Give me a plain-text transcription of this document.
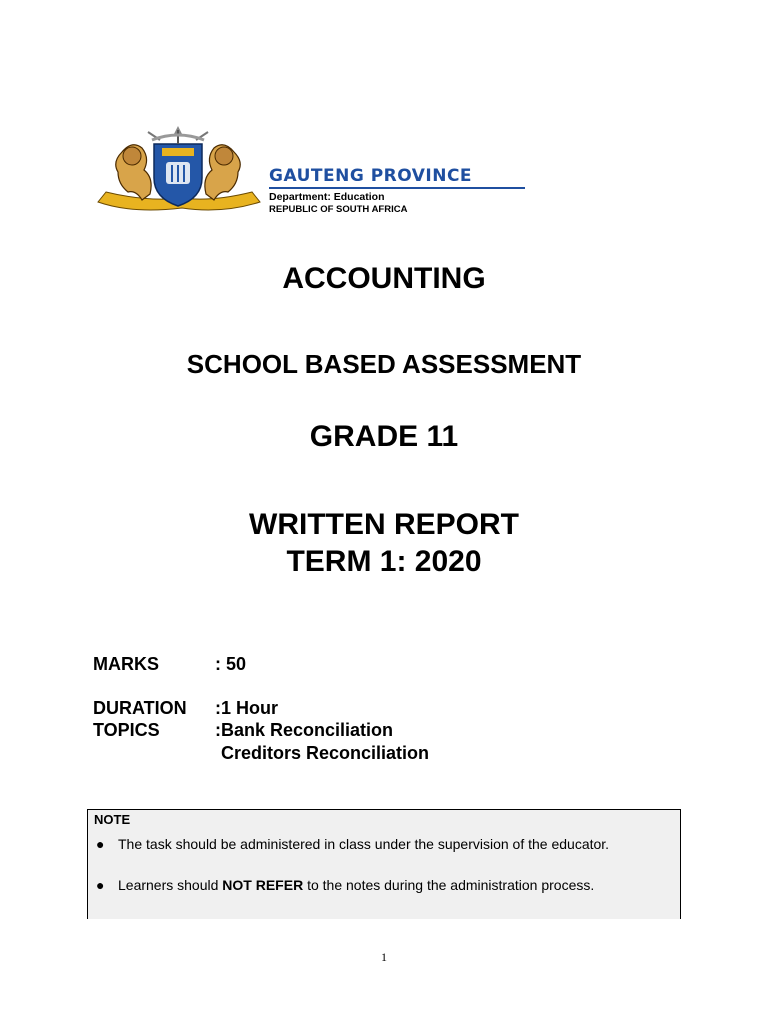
GAUTENG PROVINCE
Department: Education
REPUBLIC OF SOUTH AFRICA
ACCOUNTING
SCHOOL BASED ASSESSMENT
GRADE 11
WRITTEN REPORT
TERM 1: 2020
MARKS	: 50
DURATION :1 Hour
TOPICS	:Bank Reconciliation
Creditors Reconciliation
NOTE
● The task should be administered in class under the supervision of the educator.
● Learners should NOT REFER to the notes during the administration process.
1
